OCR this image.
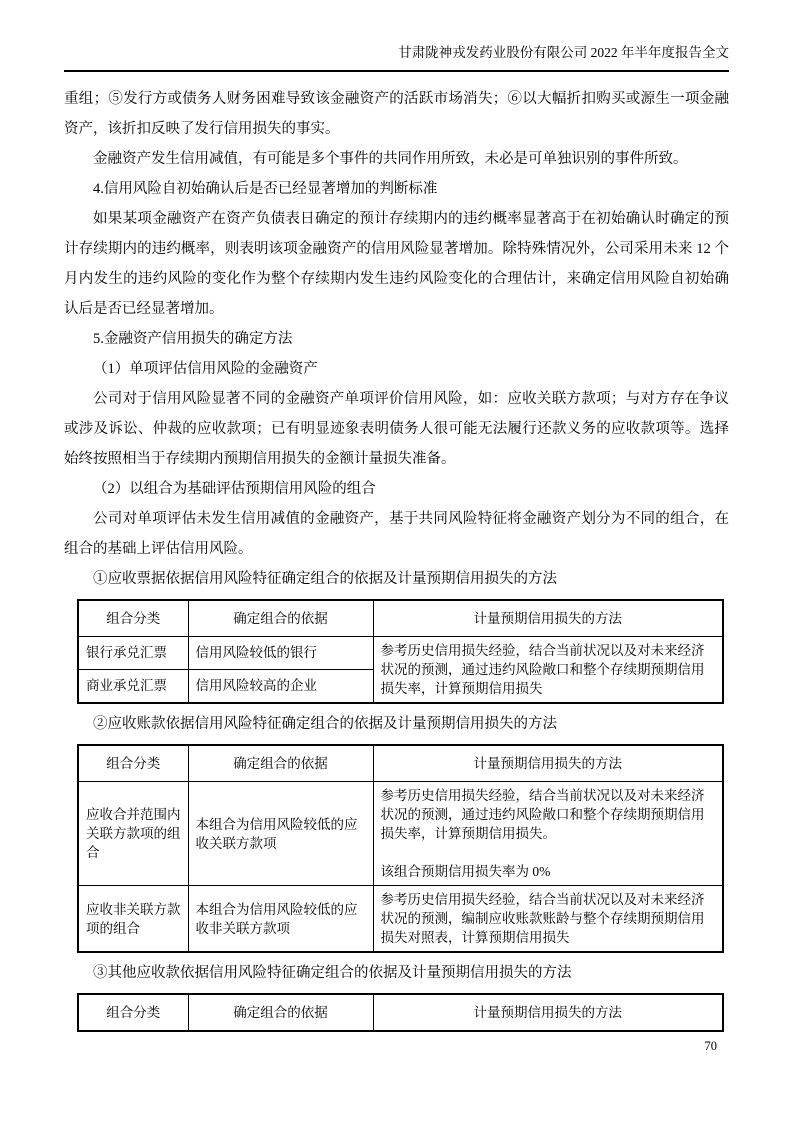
甘肃陇神戎发药业股份有限公司 2022 年半年度报告全文

重组；⑤发行方或债务人财务困难导致该金融资产的活跃市场消失；⑥以大幅折扣购买或源生一项金融资产，该折扣反映了发行信用损失的事实。

金融资产发生信用减值，有可能是多个事件的共同作用所致，未必是可单独识别的事件所致。

4.信用风险自初始确认后是否已经显著增加的判断标准

如果某项金融资产在资产负债表日确定的预计存续期内的违约概率显著高于在初始确认时确定的预计存续期内的违约概率，则表明该项金融资产的信用风险显著增加。除特殊情况外，公司采用未来 12 个月内发生的违约风险的变化作为整个存续期内发生违约风险变化的合理估计，来确定信用风险自初始确认后是否已经显著增加。

5.金融资产信用损失的确定方法

（1）单项评估信用风险的金融资产

公司对于信用风险显著不同的金融资产单项评价信用风险，如：应收关联方款项；与对方存在争议或涉及诉讼、仲裁的应收款项；已有明显迹象表明债务人很可能无法履行还款义务的应收款项等。选择始终按照相当于存续期内预期信用损失的金额计量损失准备。

（2）以组合为基础评估预期信用风险的组合

公司对单项评估未发生信用减值的金融资产，基于共同风险特征将金融资产划分为不同的组合，在组合的基础上评估信用风险。

①应收票据依据信用风险特征确定组合的依据及计量预期信用损失的方法

组合分类	确定组合的依据	计量预期信用损失的方法
银行承兑汇票	信用风险较低的银行	参考历史信用损失经验，结合当前状况以及对未来经济状况的预测，通过违约风险敞口和整个存续期预期信用损失率，计算预期信用损失
商业承兑汇票	信用风险较高的企业	

②应收账款依据信用风险特征确定组合的依据及计量预期信用损失的方法

组合分类	确定组合的依据	计量预期信用损失的方法
应收合并范围内关联方款项的组合	本组合为信用风险较低的应收关联方款项	参考历史信用损失经验，结合当前状况以及对未来经济状况的预测，通过违约风险敞口和整个存续期预期信用损失率，计算预期信用损失。
该组合预期信用损失率为 0%

应收非关联方款项的组合	本组合为信用风险较低的应收非关联方款项	参考历史信用损失经验，结合当前状况以及对未来经济状况的预测，编制应收账款账龄与整个存续期预期信用损失对照表，计算预期信用损失

③其他应收款依据信用风险特征确定组合的依据及计量预期信用损失的方法

组合分类	确定组合的依据	计量预期信用损失的方法
70
